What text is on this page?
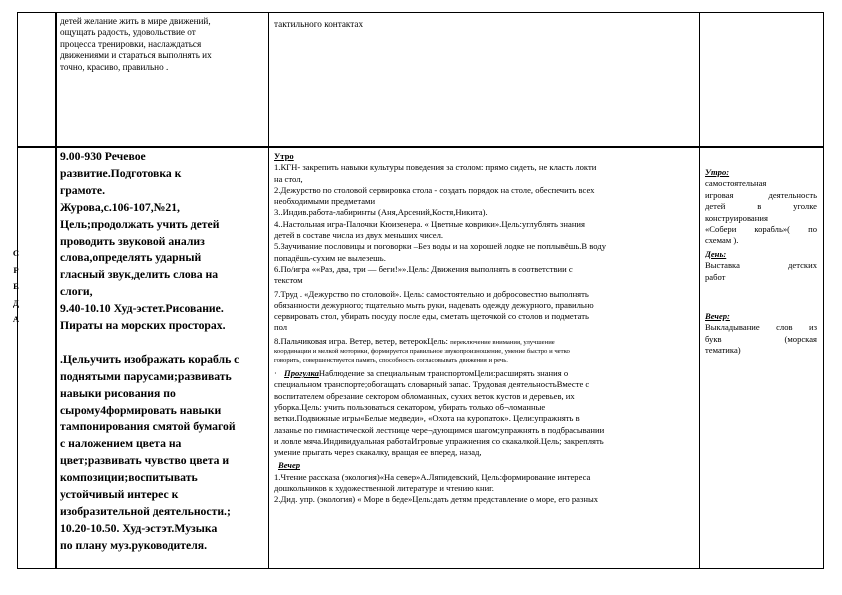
детей желание жить в мире движений,

ощущать радость, удовольствие от

процесса тренировки, наслаждаться

движениями и стараться выполнять их

точно, красиво, правильно .

тактильного контактах

С
Р
Е
Д
А

9.00-930 Речевое

развитие.Подготовка к

грамоте.

Журова,с.106-107,№21,

Цель;продолжать учить детей

проводить звуковой анализ

слова,определять ударный

гласный звук,делить слова на

слоги,

9.40-10.10 Худ-эстет.Рисование.

Пираты на морских просторах.

.Цельучить изображать корабль с

поднятыми парусами;развивать

навыки рисования по

сырому4формировать навыки

тампонирования смятой бумагой

с наложением цвета на

цвет;развивать чувство цвета и

композиции;воспитывать

устойчивый интерес к

изобразительной деятельности.;

10.20-10.50. Худ-эстэт.Музыка

по плану муз.руководителя.

Утро

1.КГН- закрепить навыки культуры поведения за столом: прямо сидеть, не класть локти

на стол,

2.Дежурство по столовой сервировка стола - создать порядок на столе, обеспечить всех

необходимыми предметами

3..Индив.работа-лабиринты (Аня,Арсений,Костя,Никита).

4..Настольная игра-Палочки Кюизенера. « Цветные коврики».Цель:углублять знания

детей в составе числа из двух меньших чисел.

5.Заучивание пословицы и поговорки –Без воды и на хорошей лодке не поплывёшь.В воду

попадёшь-сухим не вылезешь.

6.По/игра ««Раз, два, три — беги!»».Цель: Движения выполнять в соответствии с

текстом

7.Труд . «Дежурство по столовой». Цель: самостоятельно и добросовестно выполнять

обязанности дежурного; тщательно мыть руки, надевать одежду дежурного, правильно

сервировать стол, убирать посуду после еды, сметать щеточкой со столов и подметать

пол

8.Пальчиковая игра. Ветер, ветер, ветерокЦель: переключение внимания, улучшение

координации и мелкой моторики, формируется правильное звукопроизношение, умение быстро и четко

говорить, совершенствуется память, способность согласовывать движения и речь.

· ПрогулкаНаблюдение за специальным транспортомЦели:расширять знания о

специальном транспорте;обогащать словарный запас. Трудовая деятельностьВместе с

воспитателем обрезание сектором обломанных, сухих веток кустов и деревьев, их

уборка.Цель: учить пользоваться секатором, убирать только об¬ломанные

ветки.Подвижные игры«Белые медведи», «Охота на куропаток». Цели:упражнять в

лазанье по гимнастической лестнице чере¬дующимся шагом;упражнять в подбрасывании

и ловле мяча.Индивидуальная работаИгровые упражнения со скакалкой.Цель; закреплять

умение прыгать через скакалку, вращая ее вперед, назад,

Вечер

1.Чтение рассказа (экология)«На север»А.Ляпидевский, Цель:формирование интереса

дошкольников к художественной литературе и чтению книг.

2.Дид. упр. (экология) « Море в беде»Цель:дать детям представление о море, его разных

Утро:

самостоятельная

игровая деятельность

детей в уголке

конструирования

«Собери корабль»( по

схемам ).

День:

Выставка детских

работ

Вечер:

Выкладывание слов из

букв (морская

тематика)
